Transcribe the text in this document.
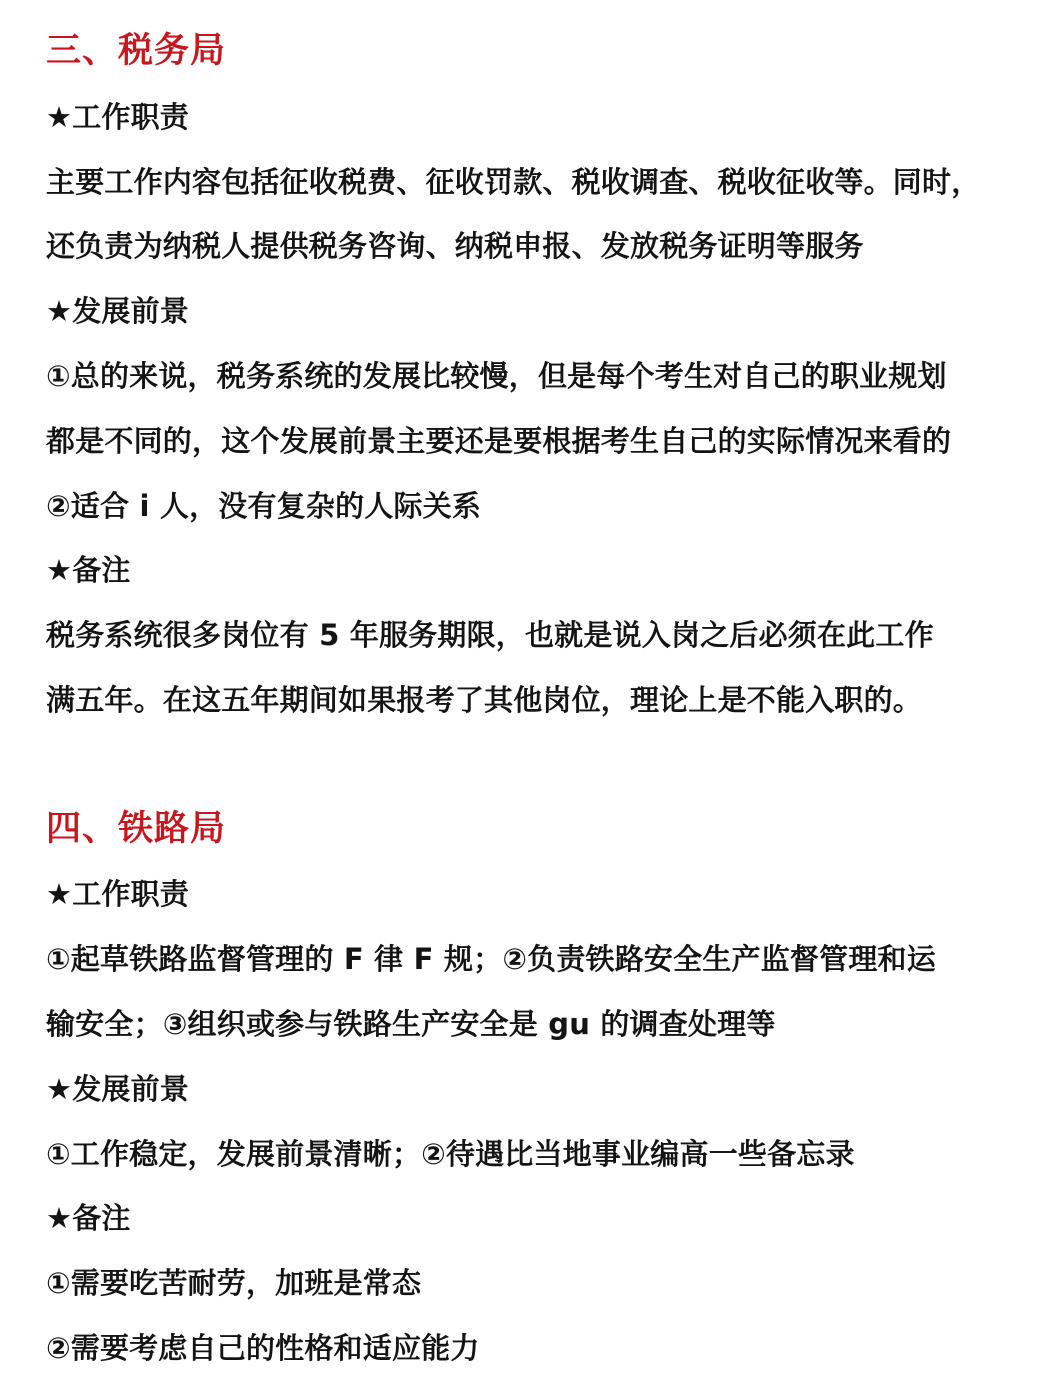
三、税务局
★工作职责
主要工作内容包括征收税费、征收罚款、税收调查、税收征收等。同时，
还负责为纳税人提供税务咨询、纳税申报、发放税务证明等服务
★发展前景
①总的来说，税务系统的发展比较慢，但是每个考生对自己的职业规划
都是不同的，这个发展前景主要还是要根据考生自己的实际情况来看的
②适合 i 人，没有复杂的人际关系
★备注
税务系统很多岗位有 5 年服务期限，也就是说入岗之后必须在此工作
满五年。在这五年期间如果报考了其他岗位，理论上是不能入职的。
四、铁路局
★工作职责
①起草铁路监督管理的 F 律 F 规；②负责铁路安全生产监督管理和运
输安全；③组织或参与铁路生产安全是 gu 的调查处理等
★发展前景
①工作稳定，发展前景清晰；②待遇比当地事业编高一些备忘录
★备注
①需要吃苦耐劳，加班是常态
②需要考虑自己的性格和适应能力
